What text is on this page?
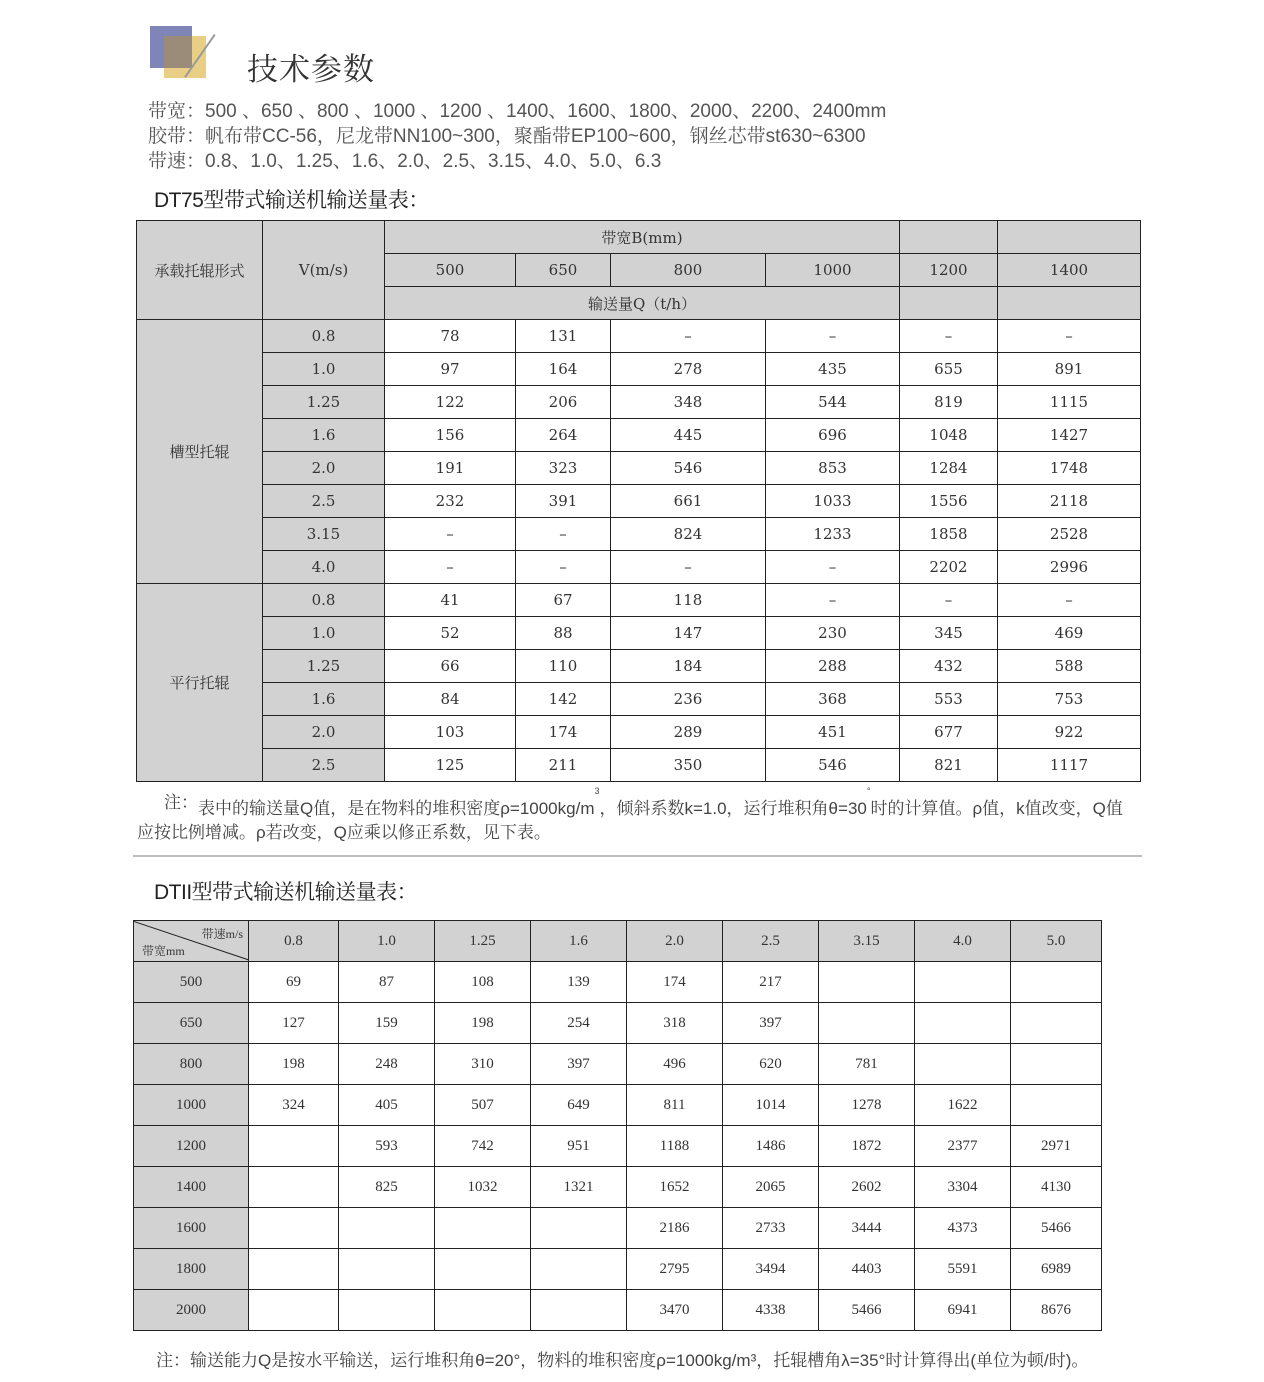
技术参数
带宽：500 、650 、800 、1000 、1200 、1400、1600、1800、2000、2200、2400mm
胶带：帆布带CC-56，尼龙带NN100~300，聚酯带EP100~600，钢丝芯带st630~6300
带速：0.8、1.0、1.25、1.6、2.0、2.5、3.15、4.0、5.0、6.3
DT75型带式输送机输送量表：
承载托辊形式	V(m/s)	带宽B(mm)					
		500	650	800	1000	1200	1400
		输送量Q（t/h）					
槽型托辊	0.8	78	131	–	–	–	–
	1.0	97	164	278	435	655	891
	1.25	122	206	348	544	819	1115
	1.6	156	264	445	696	1048	1427
	2.0	191	323	546	853	1284	1748
	2.5	232	391	661	1033	1556	2118
	3.15	–	–	824	1233	1858	2528
	4.0	–	–	–	–	2202	2996
平行托辊	0.8	41	67	118	–	–	–
	1.0	52	88	147	230	345	469
	1.25	66	110	184	288	432	588
	1.6	84	142	236	368	553	753
	2.0	103	174	289	451	677	922
	2.5	125	211	350	546	821	1117
注：表中的输送量Q值，是在物料的堆积密度$\rho=1000kg/m^3$，倾斜系数k=1.0，运行堆积角θ=30°时的计算值。ρ值，k值改变，Q值
应按比例增减。ρ若改变，Q应乘以修正系数，见下表。
DTII型带式输送机输送量表：
带速m/s
带宽mm	0.8	1.0	1.25	1.6	2.0	2.5	3.15	4.0	5.0
500	69	87	108	139	174	217			
650	127	159	198	254	318	397			
800	198	248	310	397	496	620	781		
1000	324	405	507	649	811	1014	1278	1622	
1200		593	742	951	1188	1486	1872	2377	2971
1400		825	1032	1321	1652	2065	2602	3304	4130
1600					2186	2733	3444	4373	5466
1800					2795	3494	4403	5591	6989
2000					3470	4338	5466	6941	8676
注：输送能力Q是按水平输送，运行堆积角θ=20°，物料的堆积密度ρ=1000kg/m³，托辊槽角λ=35°时计算得出(单位为顿/时)。
